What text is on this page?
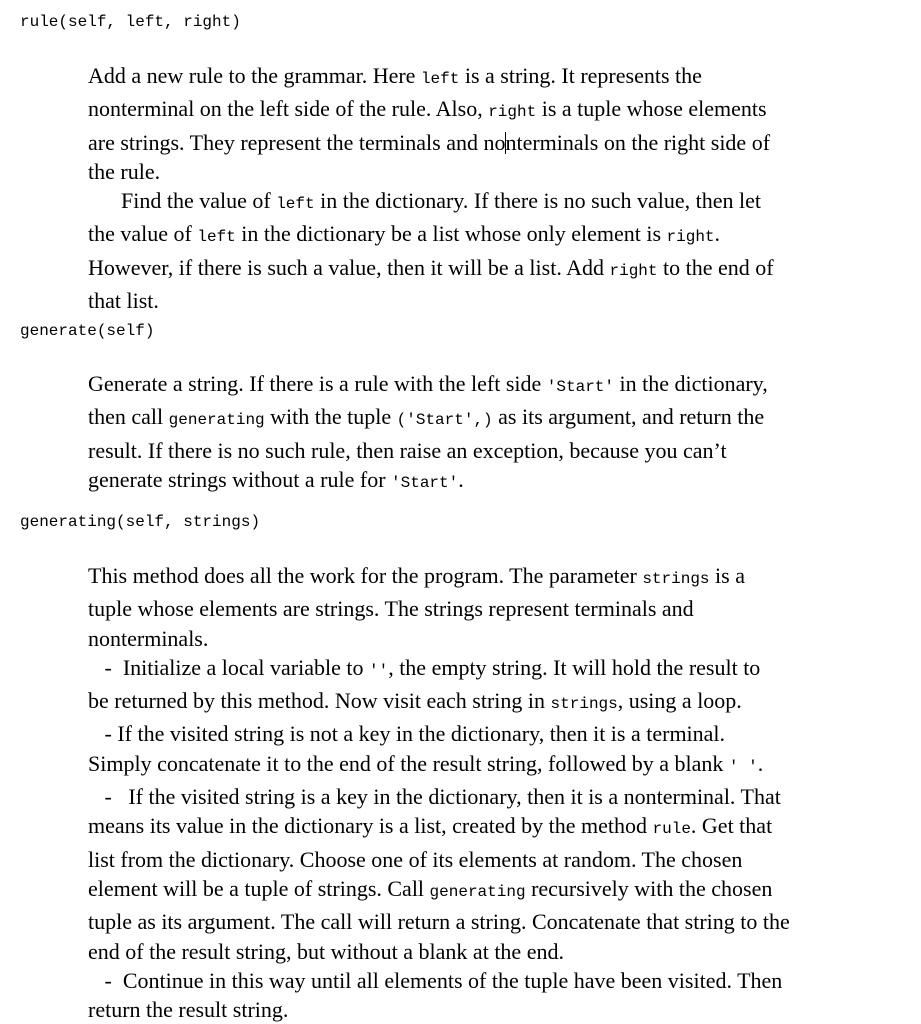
rule(self, left, right)
Add a new rule to the grammar. Here left is a string. It represents the
nonterminal on the left side of the rule. Also, right is a tuple whose elements
are strings. They represent the terminals and nonterminals on the right side of
the rule.
Find the value of left in the dictionary. If there is no such value, then let
the value of left in the dictionary be a list whose only element is right.
However, if there is such a value, then it will be a list. Add right to the end of
that list.
generate(self)
Generate a string. If there is a rule with the left side 'Start' in the dictionary,
then call generating with the tuple ('Start',) as its argument, and return the
result. If there is no such rule, then raise an exception, because you can’t
generate strings without a rule for 'Start'.
generating(self, strings)
This method does all the work for the program. The parameter strings is a
tuple whose elements are strings. The strings represent terminals and
nonterminals.
-  Initialize a local variable to '', the empty string. It will hold the result to
be returned by this method. Now visit each string in strings, using a loop.
- If the visited string is not a key in the dictionary, then it is a terminal.
Simply concatenate it to the end of the result string, followed by a blank ' '.
-   If the visited string is a key in the dictionary, then it is a nonterminal. That
means its value in the dictionary is a list, created by the method rule. Get that
list from the dictionary. Choose one of its elements at random. The chosen
element will be a tuple of strings. Call generating recursively with the chosen
tuple as its argument. The call will return a string. Concatenate that string to the
end of the result string, but without a blank at the end.
-  Continue in this way until all elements of the tuple have been visited. Then
return the result string.
